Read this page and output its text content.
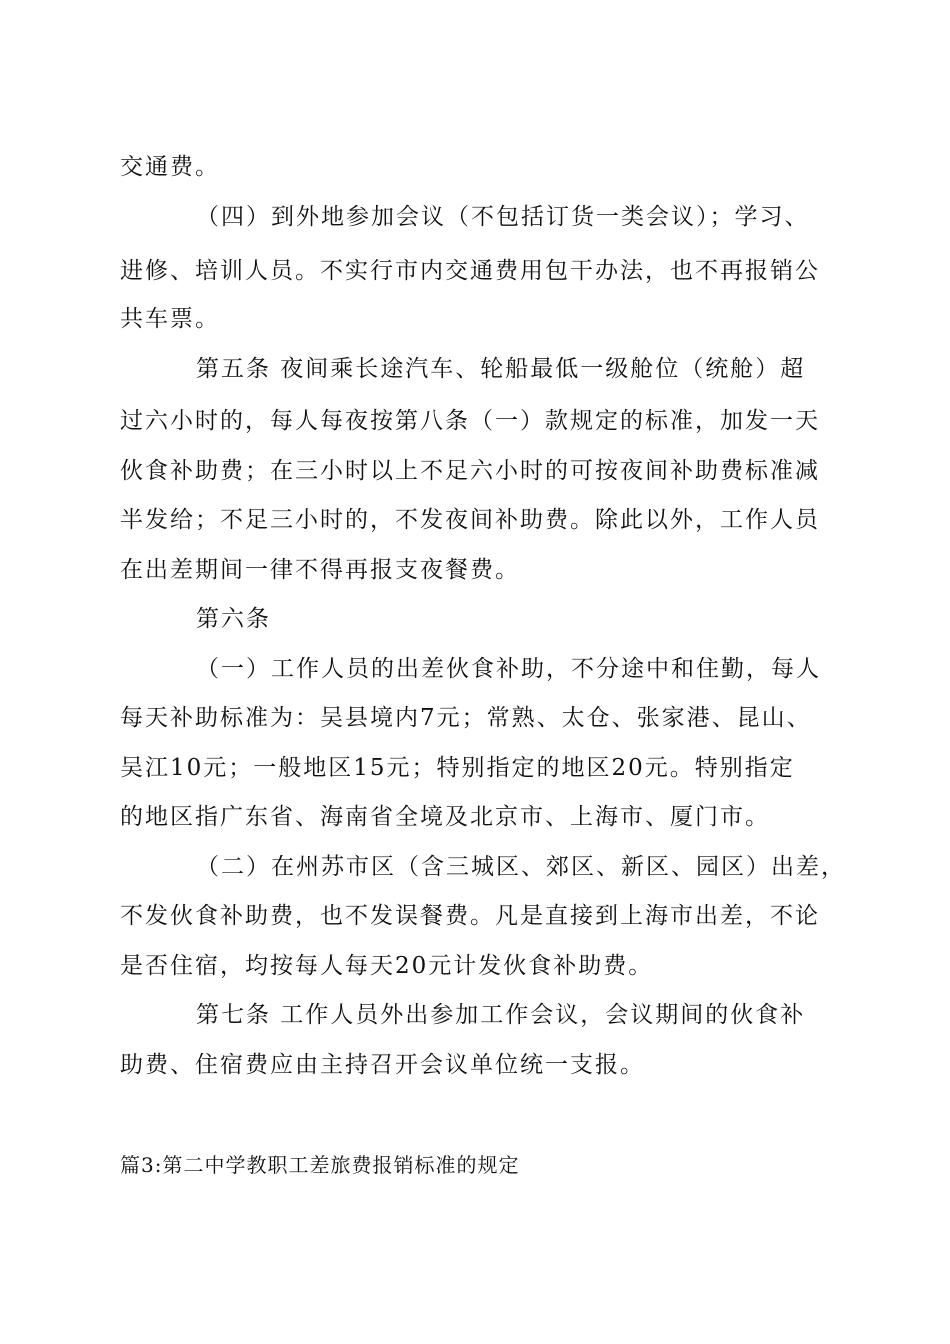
交通费。
（四）到外地参加会议（不包括订货一类会议）；学习、
进修、培训人员。不实行市内交通费用包干办法，也不再报销公
共车票。
第五条 夜间乘长途汽车、轮船最低一级舱位（统舱）超
过六小时的，每人每夜按第八条（一）款规定的标准，加发一天
伙食补助费；在三小时以上不足六小时的可按夜间补助费标准减
半发给；不足三小时的，不发夜间补助费。除此以外，工作人员
在出差期间一律不得再报支夜餐费。
第六条
（一）工作人员的出差伙食补助，不分途中和住勤，每人
每天补助标准为：吴县境内7元；常熟、太仓、张家港、昆山、
吴江10元；一般地区15元；特别指定的地区20元。特别指定
的地区指广东省、海南省全境及北京市、上海市、厦门市。
（二）在州苏市区（含三城区、郊区、新区、园区）出差，
不发伙食补助费，也不发误餐费。凡是直接到上海市出差，不论
是否住宿，均按每人每天20元计发伙食补助费。
第七条 工作人员外出参加工作会议，会议期间的伙食补
助费、住宿费应由主持召开会议单位统一支报。
篇3:第二中学教职工差旅费报销标准的规定
